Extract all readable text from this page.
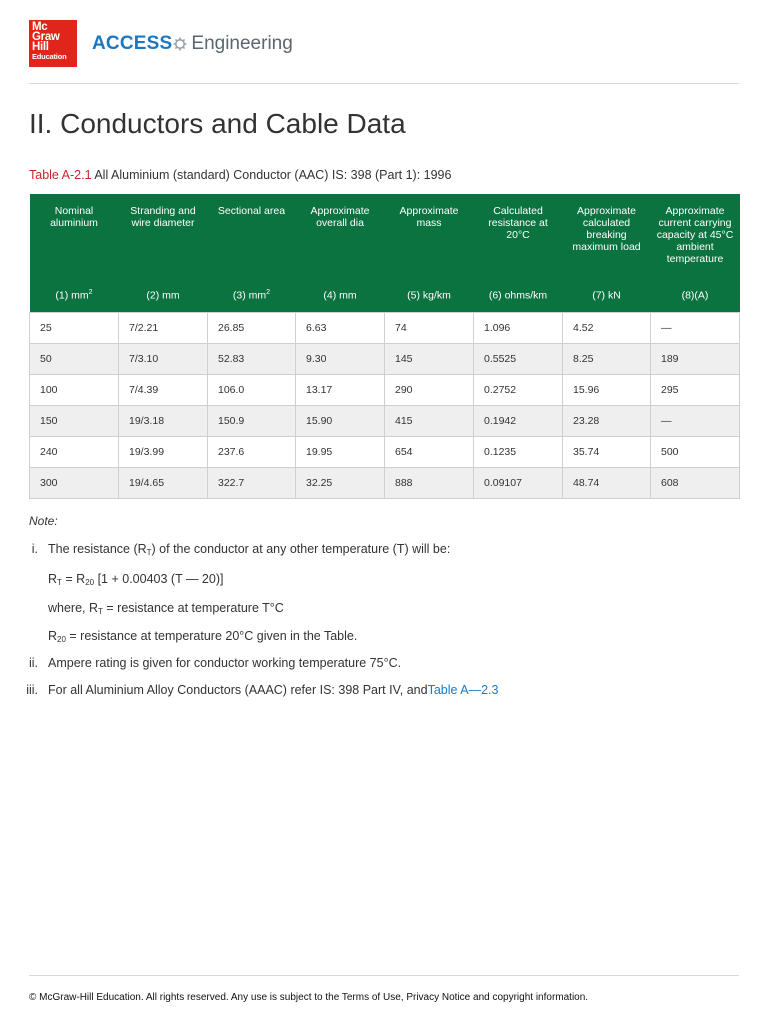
Mc
Graw
Hill
Education
ACCESS Engineering
II. Conductors and Cable Data
Table A-2.1 All Aluminium (standard) Conductor (AAC) IS: 398 (Part 1): 1996
Nominal aluminium	Stranding and wire diameter	Sectional area	Approximate overall dia	Approximate mass	Calculated resistance at 20°C	Approximate calculated breaking maximum load	Approximate current carrying capacity at 45°C ambient temperature
(1) $mm^2$	(2) mm	(3) $mm^2$	(4) mm	(5) kg/km	(6) ohms/km	(7) kN	(8)(A)
25	7/2.21	26.85	6.63	74	1.096	4.52	—
50	7/3.10	52.83	9.30	145	0.5525	8.25	189
100	7/4.39	106.0	13.17	290	0.2752	15.96	295
150	19/3.18	150.9	15.90	415	0.1942	23.28	—
240	19/3.99	237.6	19.95	654	0.1235	35.74	500
300	19/4.65	322.7	32.25	888	0.09107	48.74	608
Note:
i. The resistance $(R_T)$ of the conductor at any other temperature (T) will be:
$R_T = R_{20}$ [1 + 0.00403 (T — 20)]
where, $R_T$ = resistance at temperature T°C
$R_{20}$ = resistance at temperature 20°C given in the Table.
ii. Ampere rating is given for conductor working temperature 75°C.
iii. For all Aluminium Alloy Conductors (AAAC) refer IS: 398 Part IV, andTable A—2.3
© McGraw-Hill Education. All rights reserved. Any use is subject to the Terms of Use, Privacy Notice and copyright information.
